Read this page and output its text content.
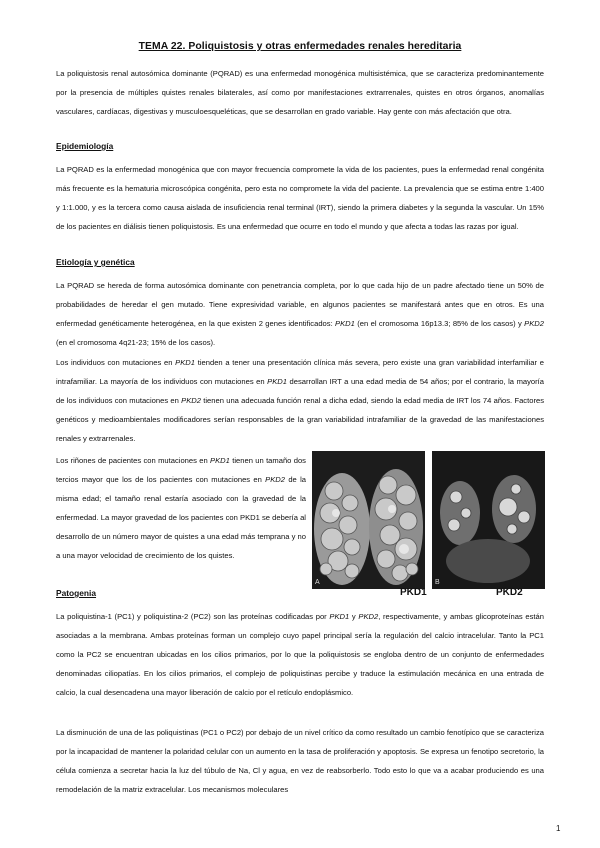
TEMA 22. Poliquistosis y otras enfermedades renales hereditaria

La poliquistosis renal autosómica dominante (PQRAD) es una enfermedad monogénica multisistémica, que se caracteriza predominantemente por la presencia de múltiples quistes renales bilaterales, así como por manifestaciones extrarrenales, quistes en otros órganos, anomalías vasculares, cardíacas, digestivas y musculoesqueléticas, que se desarrollan en grado variable. Hay gente con más afectación que otra.

Epidemiología

La PQRAD es la enfermedad monogénica que con mayor frecuencia compromete la vida de los pacientes, pues la enfermedad renal congénita más frecuente es la hematuria microscópica congénita, pero esta no compromete la vida del paciente. La prevalencia que se estima entre 1:400 y 1:1.000, y es la tercera como causa aislada de insuficiencia renal terminal (IRT), siendo la primera diabetes y la segunda la vascular. Un 15% de los pacientes en diálisis tienen poliquistosis. Es una enfermedad que ocurre en todo el mundo y que afecta a todas las razas por igual.

Etiología y genética

La PQRAD se hereda de forma autosómica dominante con penetrancia completa, por lo que cada hijo de un padre afectado tiene un 50% de probabilidades de heredar el gen mutado. Tiene expresividad variable, en algunos pacientes se manifestará antes que en otros. Es una enfermedad genéticamente heterogénea, en la que existen 2 genes identificados: PKD1 (en el cromosoma 16p13.3; 85% de los casos) y PKD2 (en el cromosoma 4q21-23; 15% de los casos).

Los individuos con mutaciones en PKD1 tienden a tener una presentación clínica más severa, pero existe una gran variabilidad interfamiliar e intrafamiliar. La mayoría de los individuos con mutaciones en PKD1 desarrollan IRT a una edad media de 54 años; por el contrario, la mayoría de los individuos con mutaciones en PKD2 tienen una adecuada función renal a dicha edad, siendo la edad media de IRT los 74 años. Factores genéticos y medioambientales modificadores serían responsables de la gran variabilidad intrafamiliar de la gravedad de las manifestaciones renales y extrarrenales.

Los riñones de pacientes con mutaciones en PKD1 tienen un tamaño dos tercios mayor que los de los pacientes con mutaciones en PKD2 de la misma edad; el tamaño renal estaría asociado con la gravedad de la enfermedad. La mayor gravedad de los pacientes con PKD1 se debería al desarrollo de un número mayor de quistes a una edad más temprana y no a una mayor velocidad de crecimiento de los quistes.

A	B
PKD1	PKD2
Patogenia

La poliquistina-1 (PC1) y poliquistina-2 (PC2) son las proteínas codificadas por PKD1 y PKD2, respectivamente, y ambas glicoproteínas están asociadas a la membrana. Ambas proteínas forman un complejo cuyo papel principal sería la regulación del calcio intracelular. Tanto la PC1 como la PC2 se encuentran ubicadas en los cilios primarios, por lo que la poliquistosis se engloba dentro de un conjunto de enfermedades denominadas ciliopatías. En los cilios primarios, el complejo de poliquistinas percibe y traduce la estimulación mecánica en una entrada de calcio, la cual desencadena una mayor liberación de calcio por el retículo endoplásmico.

La disminución de una de las poliquistinas (PC1 o PC2) por debajo de un nivel crítico da como resultado un cambio fenotípico que se caracteriza por la incapacidad de mantener la polaridad celular con un aumento en la tasa de proliferación y apoptosis. Se expresa un fenotipo secretorio, la célula comienza a secretar hacia la luz del túbulo de Na, Cl y agua, en vez de reabsorberlo. Todo esto lo que va a acabar produciendo es una remodelación de la matriz extracelular. Los mecanismos moleculares

1
